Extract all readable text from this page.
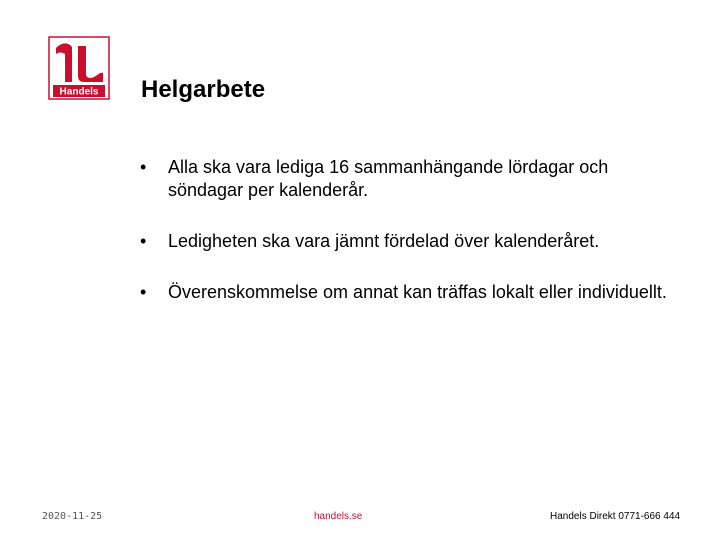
Handels Helgarbete
• Alla ska vara lediga 16 sammanhängande lördagar och söndagar per kalenderår.
• Ledigheten ska vara jämnt fördelad över kalenderåret.
• Överenskommelse om annat kan träffas lokalt eller individuellt.
2020-11-25	handels.se	Handels Direkt 0771-666 444
